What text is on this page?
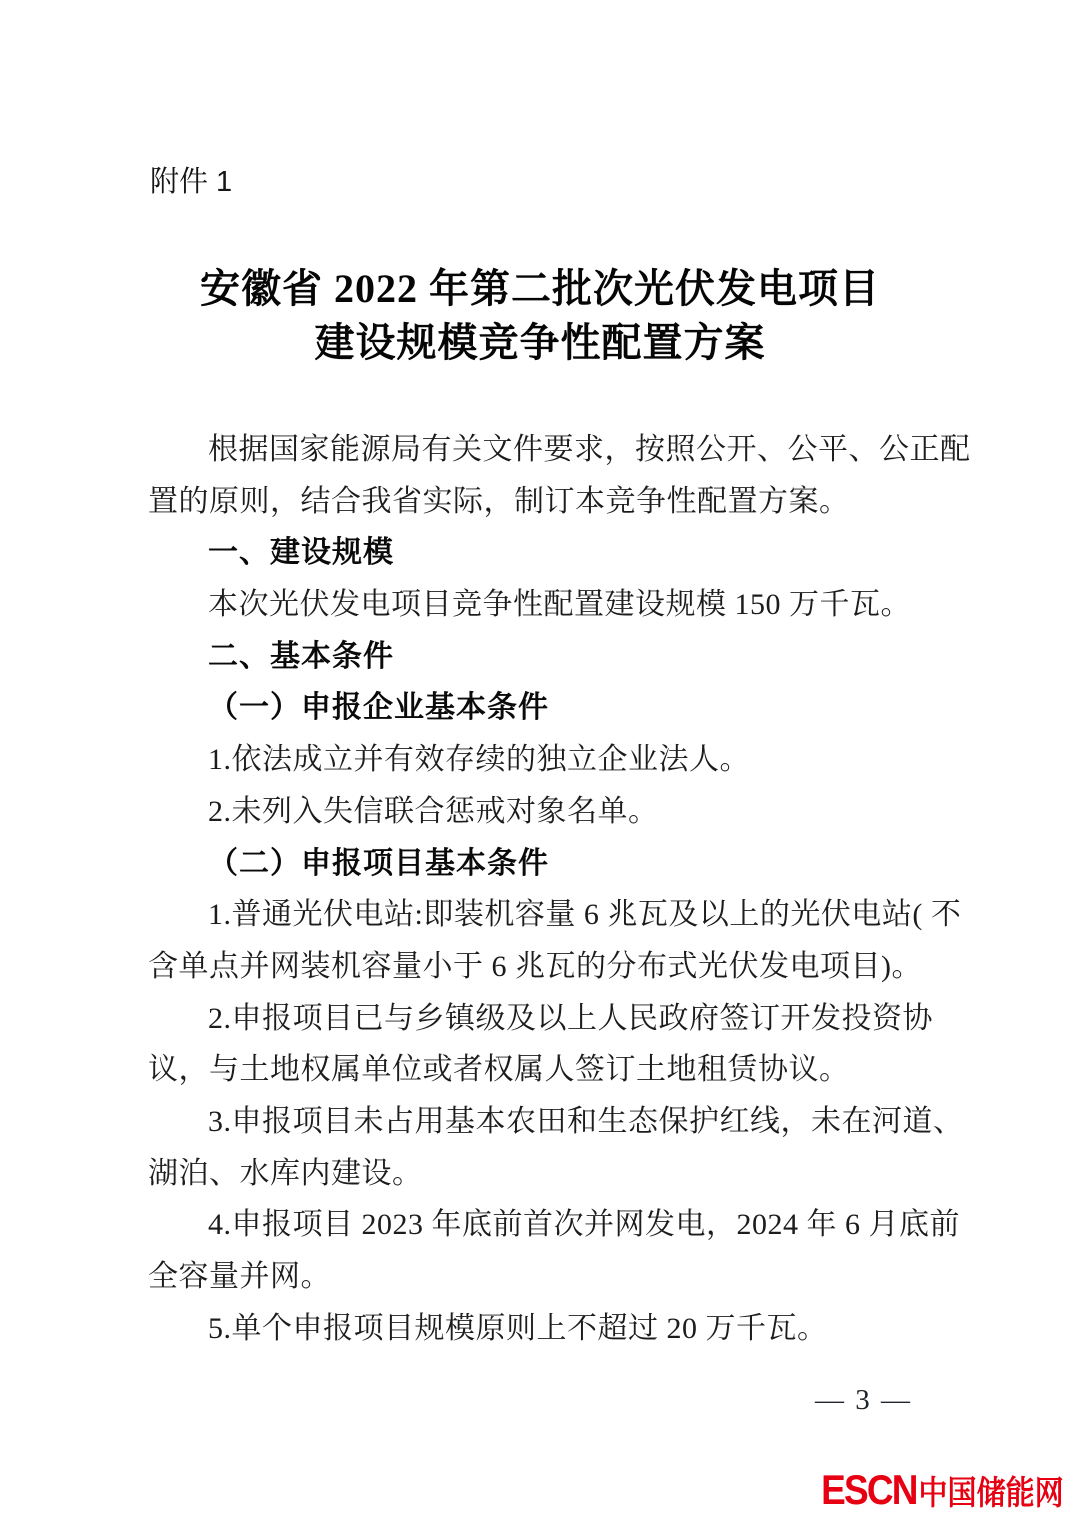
附件 1
安徽省 2022 年第二批次光伏发电项目
建设规模竞争性配置方案
根据国家能源局有关文件要求，按照公开、公平、公正配
置的原则，结合我省实际，制订本竞争性配置方案。
一、建设规模
本次光伏发电项目竞争性配置建设规模 150 万千瓦。
二、基本条件
（一）申报企业基本条件
1.依法成立并有效存续的独立企业法人。
2.未列入失信联合惩戒对象名单。
（二）申报项目基本条件
1.普通光伏电站:即装机容量 6 兆瓦及以上的光伏电站( 不
含单点并网装机容量小于 6 兆瓦的分布式光伏发电项目)。
2.申报项目已与乡镇级及以上人民政府签订开发投资协
议，与土地权属单位或者权属人签订土地租赁协议。
3.申报项目未占用基本农田和生态保护红线，未在河道、
湖泊、水库内建设。
4.申报项目 2023 年底前首次并网发电，2024 年 6 月底前
全容量并网。
5.单个申报项目规模原则上不超过 20 万千瓦。
— 3 —
ESCN 中国储能网
